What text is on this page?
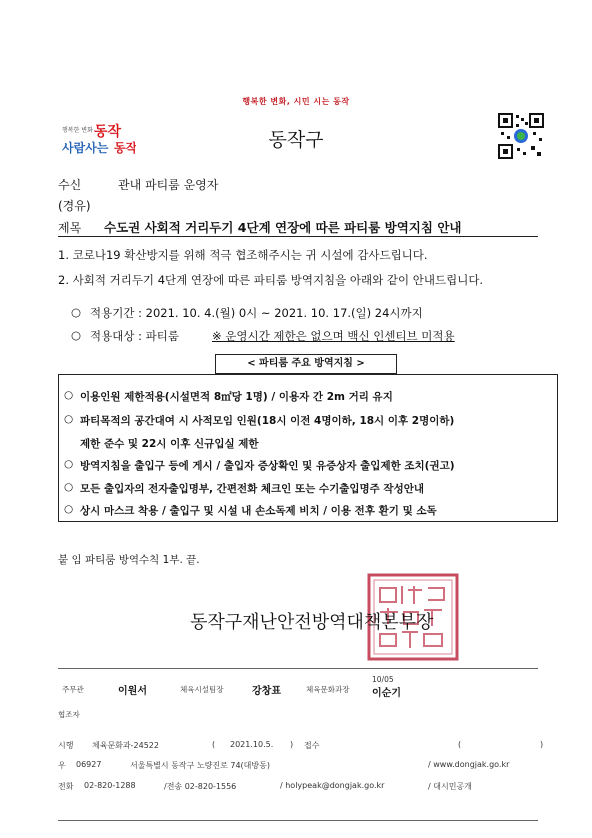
행복한 변화, 시민 시는 동작
행복한 변화 동작
사람사는 동작	동작구
수신	관내 파티룸 운영자
(경유)
제목 수도권 사회적 거리두기 4단계 연장에 따른 파티룸 방역지침 안내
1. 코로나19 확산방지를 위해 적극 협조해주시는 귀 시설에 감사드립니다.
2. 사회적 거리두기 4단계 연장에 따른 파티룸 방역지침을 아래와 같이 안내드립니다.
○ 적용기간 : 2021. 10. 4.(월) 0시 ~ 2021. 10. 17.(일) 24시까지
○ 적용대상 : 파티룸	※ 운영시간 제한은 없으며 백신 인센티브 미적용
< 파티룸 주요 방역지침 >
○ 이용인원 제한적용(시설면적 8㎡당 1명) / 이용자 간 2m 거리 유지
○ 파티목적의 공간대여 시 사적모임 인원(18시 이전 4명이하, 18시 이후 2명이하)
제한 준수 및 22시 이후 신규입실 제한
○ 방역지침을 출입구 등에 게시 / 출입자 증상확인 및 유증상자 출입제한 조치(권고)
○ 모든 출입자의 전자출입명부, 간편전화 체크인 또는 수기출입명주 작성안내
○ 상시 마스크 착용 / 출입구 및 시설 내 손소독제 비치 / 이용 전후 환기 및 소독
붙 임 파티룸 방역수칙 1부. 끝.
동작구재난안전방역대책본부장
주무관	이원서	체육시설팀장	강창표	체육문화과장
10/05
이순기
협조자
시행 체육문화과-24522	( 2021.10.5. ) 접수	(	)
우 06927	서울특별시 동작구 노량진로 74(대방동)	/ www.dongjak.go.kr
전화 02-820-1288	/전송 02-820-1556	/ holypeak@dongjak.go.kr	/ 대시민공개
